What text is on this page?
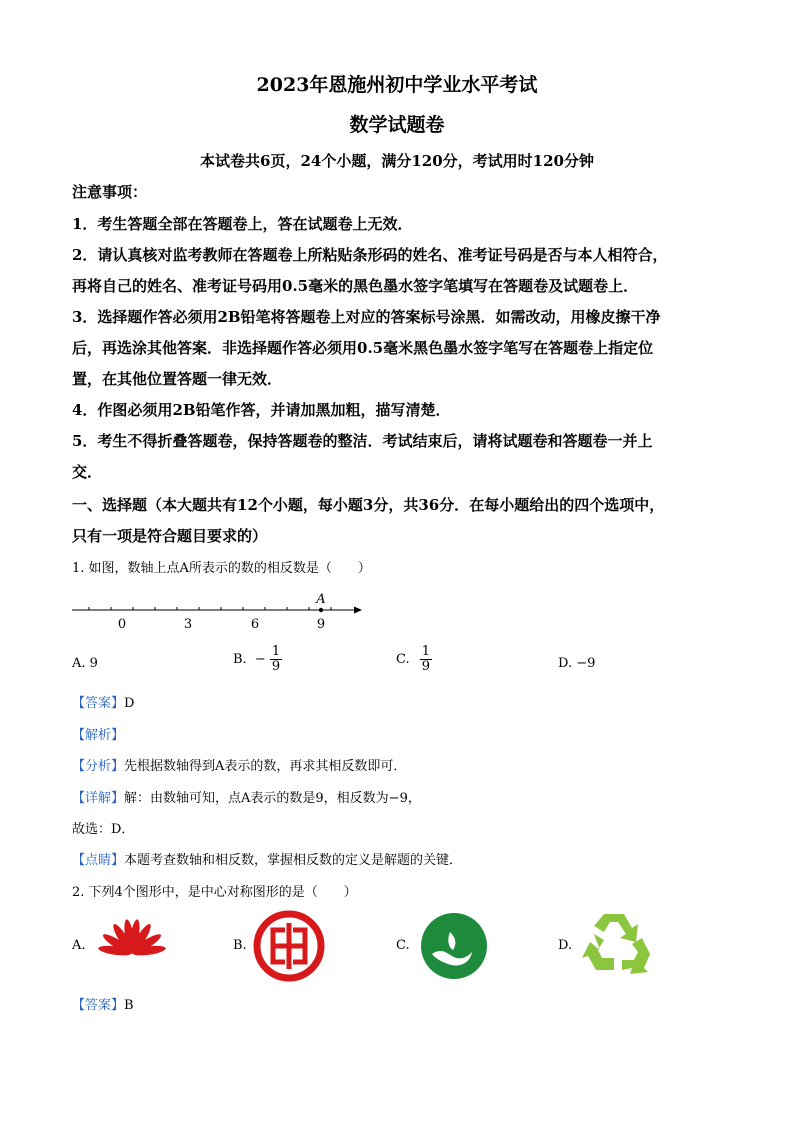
2023年恩施州初中学业水平考试
数学试题卷
本试卷共6页，24个小题，满分120分，考试用时120分钟
注意事项：
1．考生答题全部在答题卷上，答在试题卷上无效．
2．请认真核对监考教师在答题卷上所粘贴条形码的姓名、准考证号码是否与本人相符合，
再将自己的姓名、准考证号码用0.5毫米的黑色墨水签字笔填写在答题卷及试题卷上．
3．选择题作答必须用2B铅笔将答题卷上对应的答案标号涂黑．如需改动，用橡皮擦干净
后，再选涂其他答案．非选择题作答必须用0.5毫米黑色墨水签字笔写在答题卷上指定位
置，在其他位置答题一律无效．
4．作图必须用2B铅笔作答，并请加黑加粗，描写清楚．
5．考生不得折叠答题卷，保持答题卷的整洁．考试结束后，请将试题卷和答题卷一并上
交．
一、选择题（本大题共有12个小题，每小题3分，共36分．在每小题给出的四个选项中，
只有一项是符合题目要求的）
1. 如图，数轴上点A所表示的数的相反数是（　　）
A
0	3	6	9
A. 9	B. − $\frac{1}{9}$	C. $\frac{1}{9}$	D. −9
【答案】D
【解析】
【分析】先根据数轴得到A表示的数，再求其相反数即可．
【详解】解：由数轴可知，点A表示的数是9，相反数为−9，
故选：D．
【点睛】本题考查数轴和相反数，掌握相反数的定义是解题的关键．
2. 下列4个图形中，是中心对称图形的是（　　）
A.	B.	C.	D.
【答案】B
